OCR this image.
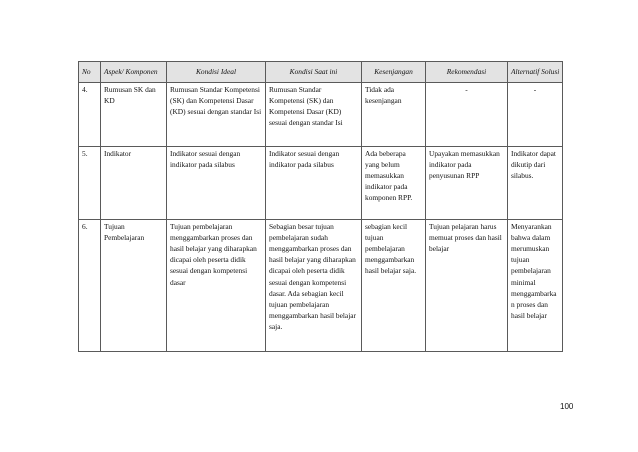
No	Aspek/ Komponen	Kondisi Ideal	Kondisi Saat ini	Kesenjangan	Rekomendasi	Alternatif Solusi
4.	Rumusan SK dan KD	Rumusan Standar Kompetensi (SK) dan Kompetensi Dasar (KD) sesuai dengan standar Isi	Rumusan Standar Kompetensi (SK) dan Kompetensi Dasar (KD) sesuai dengan standar Isi	Tidak ada kesenjangan	-	-
5.	Indikator	Indikator sesuai dengan indikator pada silabus	Indikator sesuai dengan indikator pada silabus	Ada beberapa yang belum memasukkan indikator pada komponen RPP.	Upayakan memasukkan indikator pada penyusunan RPP	Indikator dapat dikutip dari silabus.
6.	Tujuan Pembelajaran	Tujuan pembelajaran menggambarkan proses dan hasil belajar yang diharapkan dicapai oleh peserta didik sesuai dengan kompetensi dasar	Sebagian besar tujuan pembelajaran sudah menggambarkan proses dan hasil belajar yang diharapkan dicapai oleh peserta didik sesuai dengan kompetensi dasar. Ada sebagian kecil tujuan pembelajaran menggambarkan hasil belajar saja.	sebagian kecil tujuan pembelajaran menggambarkan hasil belajar saja.	Tujuan pelajaran harus memuat proses dan hasil belajar	Menyarankan bahwa dalam merumuskan tujuan pembelajaran minimal menggambarkan proses dan hasil belajar
100
